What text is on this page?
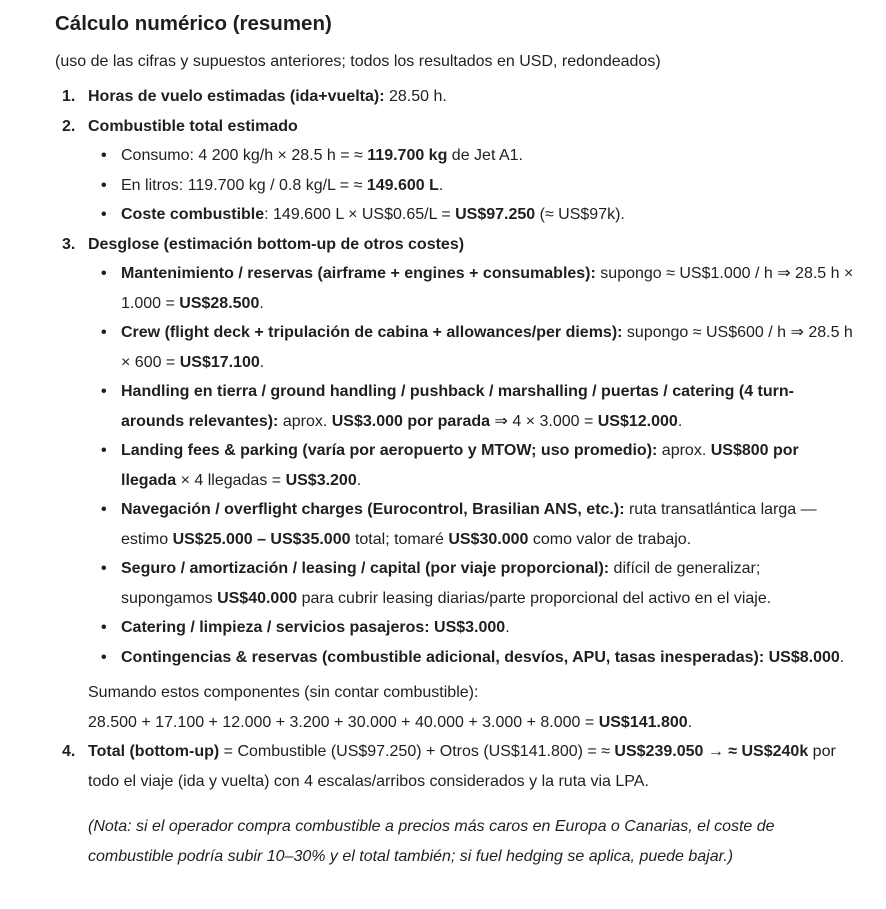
Cálculo numérico (resumen)

(uso de las cifras y supuestos anteriores; todos los resultados en USD, redondeados)

1. Horas de vuelo estimadas (ida+vuelta): 28.50 h.
2. Combustible total estimado
• Consumo: 4 200 kg/h × 28.5 h = ≈ 119.700 kg de Jet A1.
• En litros: 119.700 kg / 0.8 kg/L = ≈ 149.600 L.
• Coste combustible: 149.600 L × US$0.65/L = US$97.250 (≈ US$97k).
3. Desglose (estimación bottom-up de otros costes)
• Mantenimiento / reservas (airframe + engines + consumables): supongo ≈ US$1.000 / h ⇒ 28.5 h × 1.000 = US$28.500.
• Crew (flight deck + tripulación de cabina + allowances/per diems): supongo ≈ US$600 / h ⇒ 28.5 h × 600 = US$17.100.
• Handling en tierra / ground handling / pushback / marshalling / puertas / catering (4 turn-arounds relevantes): aprox. US$3.000 por parada ⇒ 4 × 3.000 = US$12.000.
• Landing fees & parking (varía por aeropuerto y MTOW; uso promedio): aprox. US$800 por llegada × 4 llegadas = US$3.200.
• Navegación / overflight charges (Eurocontrol, Brasilian ANS, etc.): ruta transatlántica larga — estimo US$25.000 – US$35.000 total; tomaré US$30.000 como valor de trabajo.
• Seguro / amortización / leasing / capital (por viaje proporcional): difícil de generalizar; supongamos US$40.000 para cubrir leasing diarias/parte proporcional del activo en el viaje.
• Catering / limpieza / servicios pasajeros: US$3.000.
• Contingencias & reservas (combustible adicional, desvíos, APU, tasas inesperadas): US$8.000.
Sumando estos componentes (sin contar combustible):
28.500 + 17.100 + 12.000 + 3.200 + 30.000 + 40.000 + 3.000 + 8.000 = US$141.800.
4. Total (bottom-up) = Combustible (US$97.250) + Otros (US$141.800) = ≈ US$239.050 → ≈ US$240k por todo el viaje (ida y vuelta) con 4 escalas/arribos considerados y la ruta via LPA.

(Nota: si el operador compra combustible a precios más caros en Europa o Canarias, el coste de combustible podría subir 10–30% y el total también; si fuel hedging se aplica, puede bajar.)
